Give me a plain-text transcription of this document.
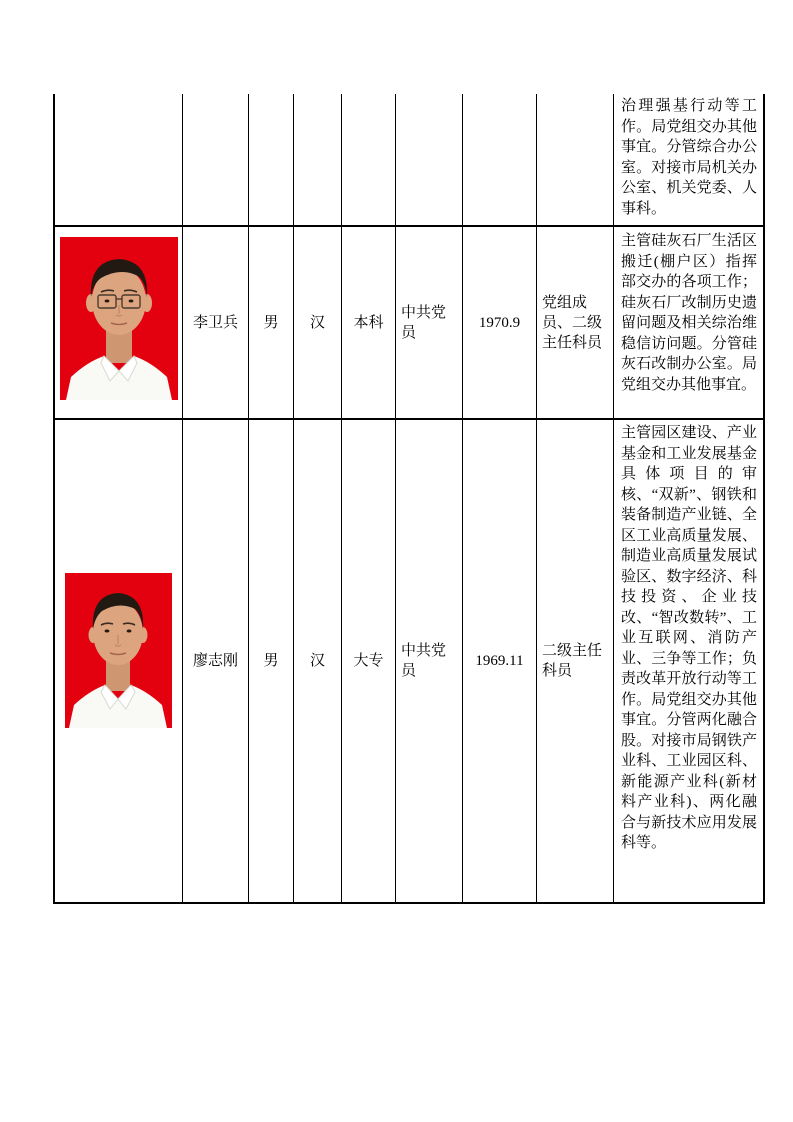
治理强基行动等工作。局党组交办其他事宜。分管综合办公室。对接市局机关办公室、机关党委、人事科。
李卫兵 男 汉 本科
中共党员
1970.9
党组成员、二级主任科员
主管硅灰石厂生活区搬迁(棚户区）指挥部交办的各项工作；硅灰石厂改制历史遗留问题及相关综治维稳信访问题。分管硅灰石改制办公室。局党组交办其他事宜。
廖志刚 男 汉 大专
中共党员
1969.11
二级主任科员
主管园区建设、产业基金和工业发展基金具体项目的审核、“双新”、钢铁和装备制造产业链、全区工业高质量发展、制造业高质量发展试验区、数字经济、科技投资、企业技改、“智改数转”、工业互联网、消防产业、三争等工作；负责改革开放行动等工作。局党组交办其他事宜。分管两化融合股。对接市局钢铁产业科、工业园区科、新能源产业科(新材料产业科)、两化融合与新技术应用发展科等。
